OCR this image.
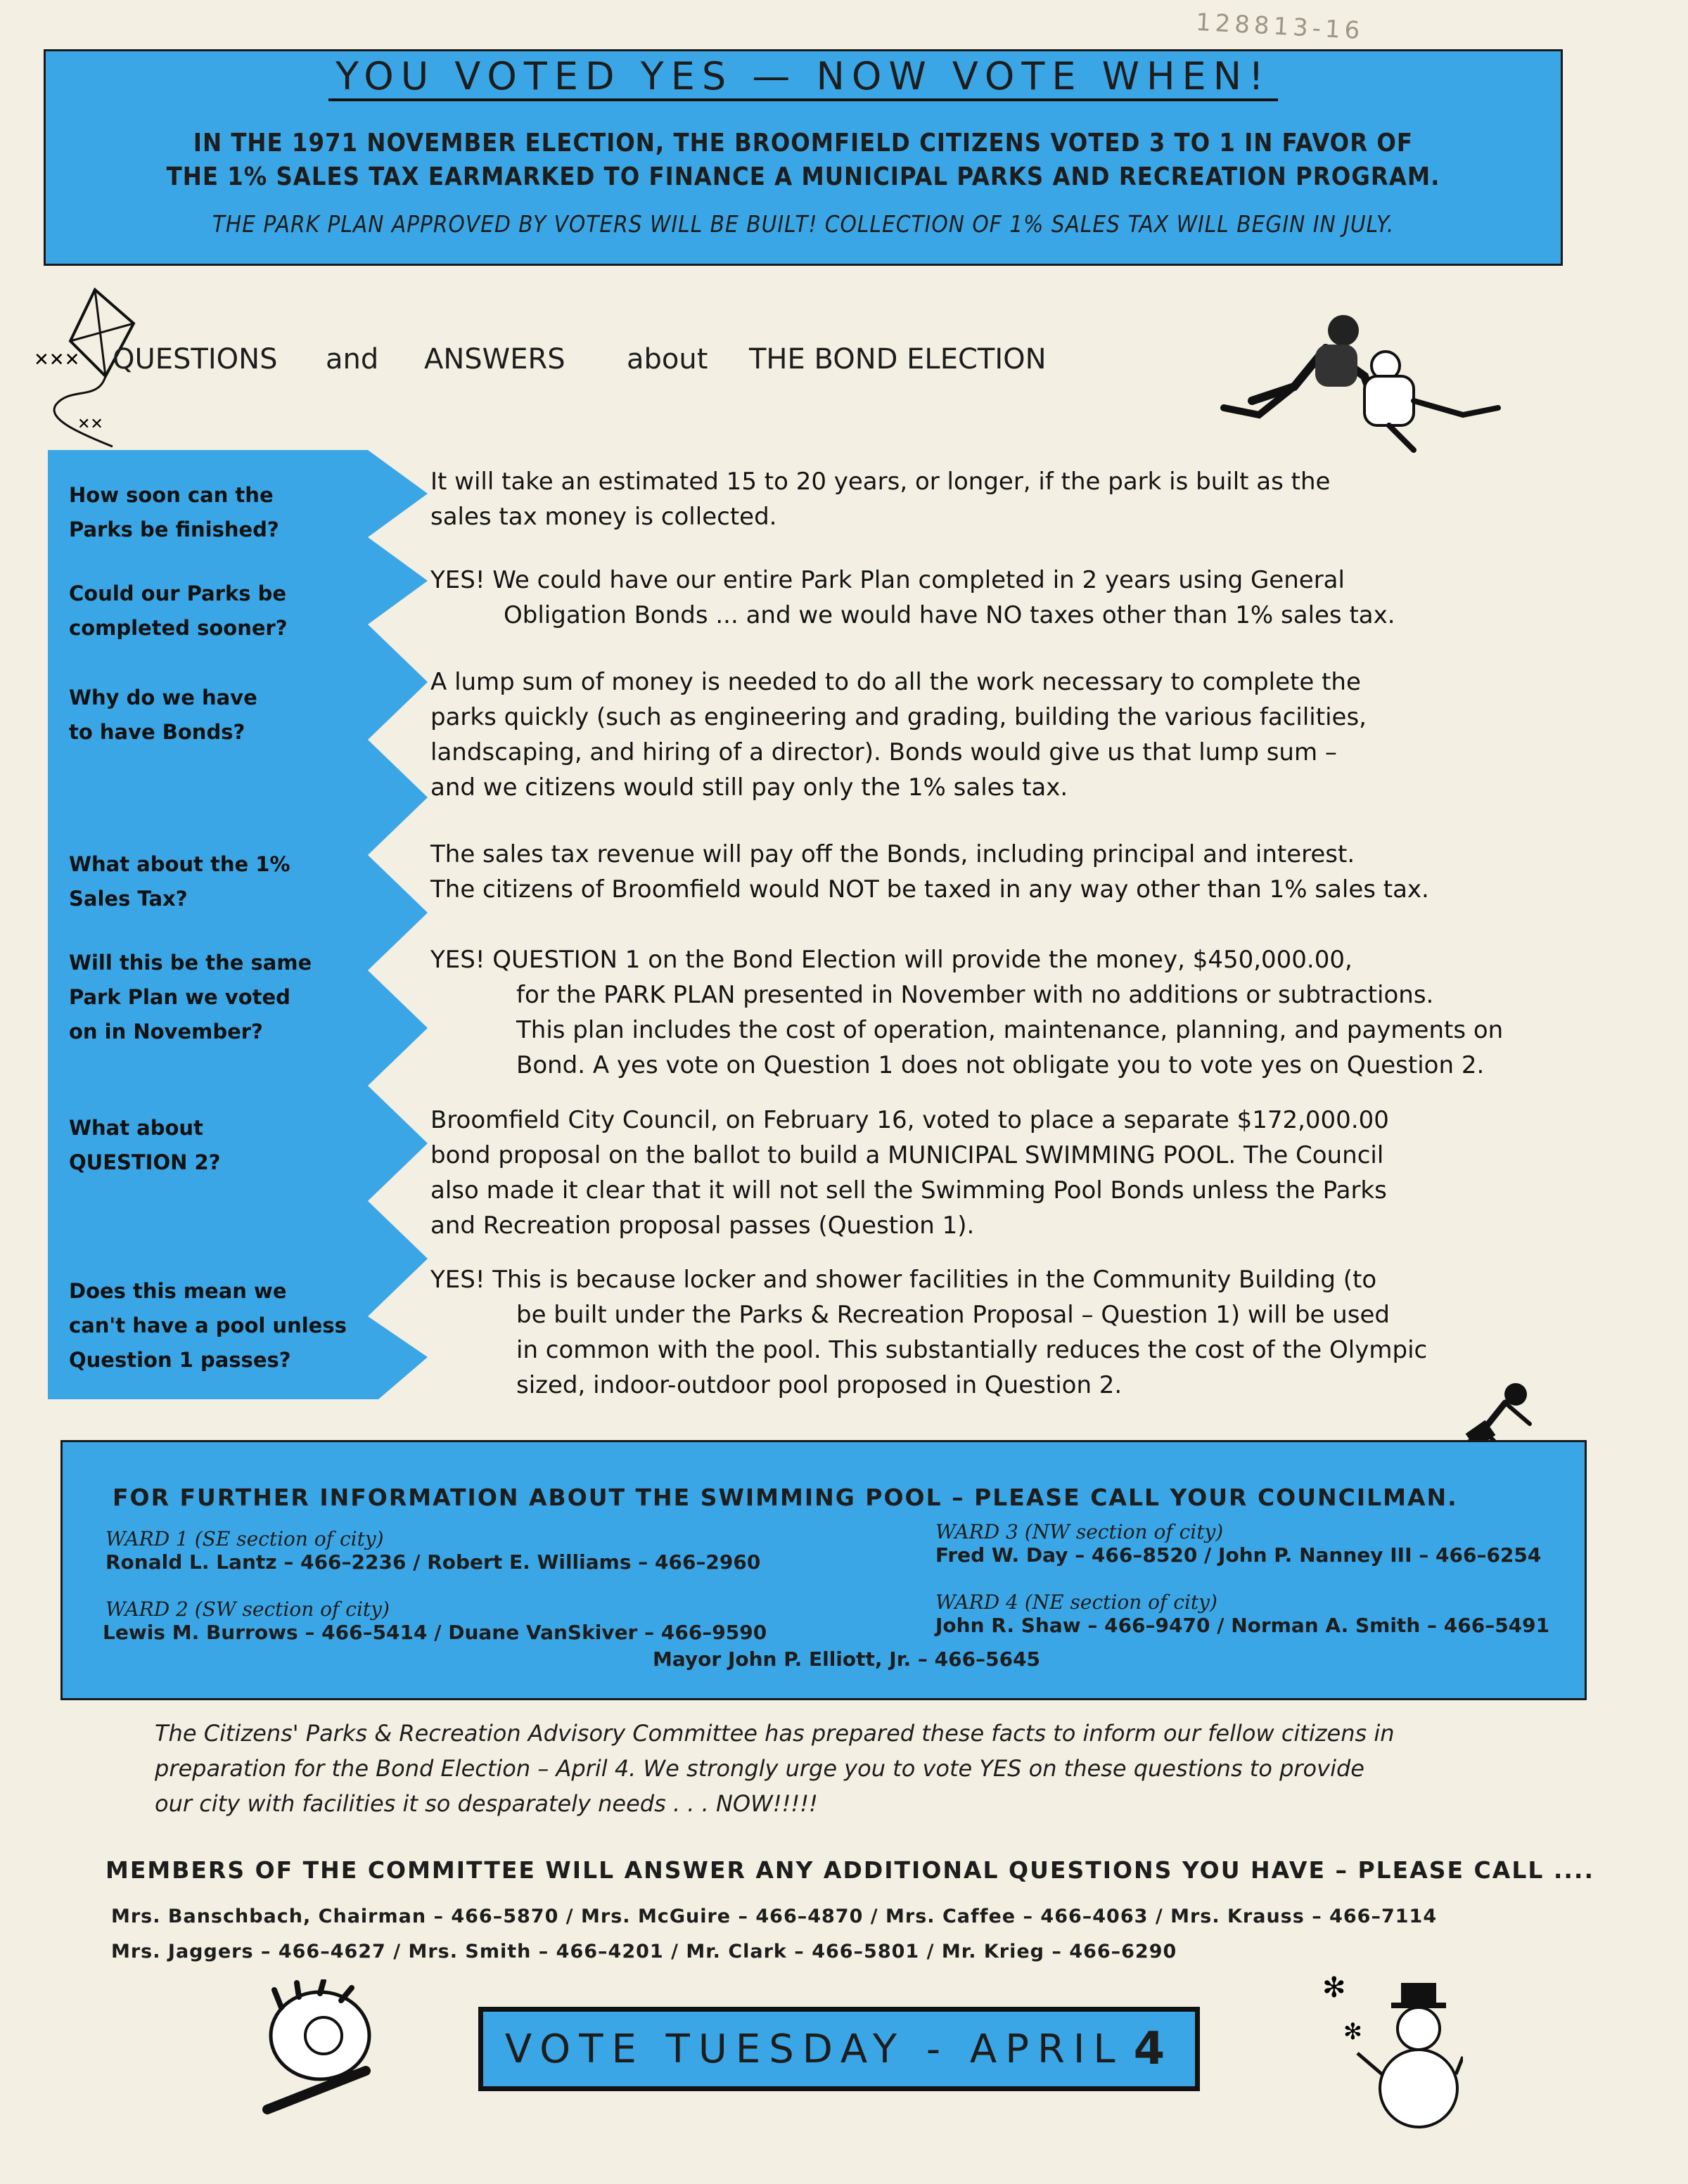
128813-16
YOU VOTED YES — NOW VOTE WHEN!
IN THE 1971 NOVEMBER ELECTION, THE BROOMFIELD CITIZENS VOTED 3 TO 1 IN FAVOR OF
THE 1% SALES TAX EARMARKED TO FINANCE A MUNICIPAL PARKS AND RECREATION PROGRAM.
THE PARK PLAN APPROVED BY VOTERS WILL BE BUILT! COLLECTION OF 1% SALES TAX WILL BEGIN IN JULY.
✕✕✕
✕✕
QUESTIONS and ANSWERS about THE BOND ELECTION
How soon can the
Parks be finished?
Could our Parks be
completed sooner?
Why do we have
to have Bonds?
What about the 1%
Sales Tax?
Will this be the same
Park Plan we voted
on in November?
What about
QUESTION 2?
Does this mean we
can't have a pool unless
Question 1 passes?
It will take an estimated 15 to 20 years, or longer, if the park is built as the
sales tax money is collected.
YES! We could have our entire Park Plan completed in 2 years using General
Obligation Bonds ... and we would have NO taxes other than 1% sales tax.
A lump sum of money is needed to do all the work necessary to complete the
parks quickly (such as engineering and grading, building the various facilities,
landscaping, and hiring of a director). Bonds would give us that lump sum –
and we citizens would still pay only the 1% sales tax.
The sales tax revenue will pay off the Bonds, including principal and interest.
The citizens of Broomfield would NOT be taxed in any way other than 1% sales tax.
YES! QUESTION 1 on the Bond Election will provide the money, $450,000.00,
for the PARK PLAN presented in November with no additions or subtractions.
This plan includes the cost of operation, maintenance, planning, and payments on
Bond. A yes vote on Question 1 does not obligate you to vote yes on Question 2.
Broomfield City Council, on February 16, voted to place a separate $172,000.00
bond proposal on the ballot to build a MUNICIPAL SWIMMING POOL. The Council
also made it clear that it will not sell the Swimming Pool Bonds unless the Parks
and Recreation proposal passes (Question 1).
YES! This is because locker and shower facilities in the Community Building (to
be built under the Parks & Recreation Proposal – Question 1) will be used
in common with the pool. This substantially reduces the cost of the Olympic
sized, indoor-outdoor pool proposed in Question 2.
FOR FURTHER INFORMATION ABOUT THE SWIMMING POOL – PLEASE CALL YOUR COUNCILMAN.
WARD 1 (SE section of city)
Ronald L. Lantz – 466–2236 / Robert E. Williams – 466–2960
WARD 2 (SW section of city)
Lewis M. Burrows – 466–5414 / Duane VanSkiver – 466–9590
WARD 3 (NW section of city)
Fred W. Day – 466–8520 / John P. Nanney III – 466–6254
WARD 4 (NE section of city)
John R. Shaw – 466–9470 / Norman A. Smith – 466–5491
Mayor John P. Elliott, Jr. – 466–5645
The Citizens' Parks & Recreation Advisory Committee has prepared these facts to inform our fellow citizens in
preparation for the Bond Election – April 4. We strongly urge you to vote YES on these questions to provide
our city with facilities it so desparately needs . . . NOW!!!!!
MEMBERS OF THE COMMITTEE WILL ANSWER ANY ADDITIONAL QUESTIONS YOU HAVE – PLEASE CALL ....
Mrs. Banschbach, Chairman – 466–5870 / Mrs. McGuire – 466–4870 / Mrs. Caffee – 466–4063 / Mrs. Krauss – 466–7114
Mrs. Jaggers – 466–4627 / Mrs. Smith – 466–4201 / Mr. Clark – 466–5801 / Mr. Krieg – 466–6290
✻
✻
VOTE TUESDAY - APRIL 4
